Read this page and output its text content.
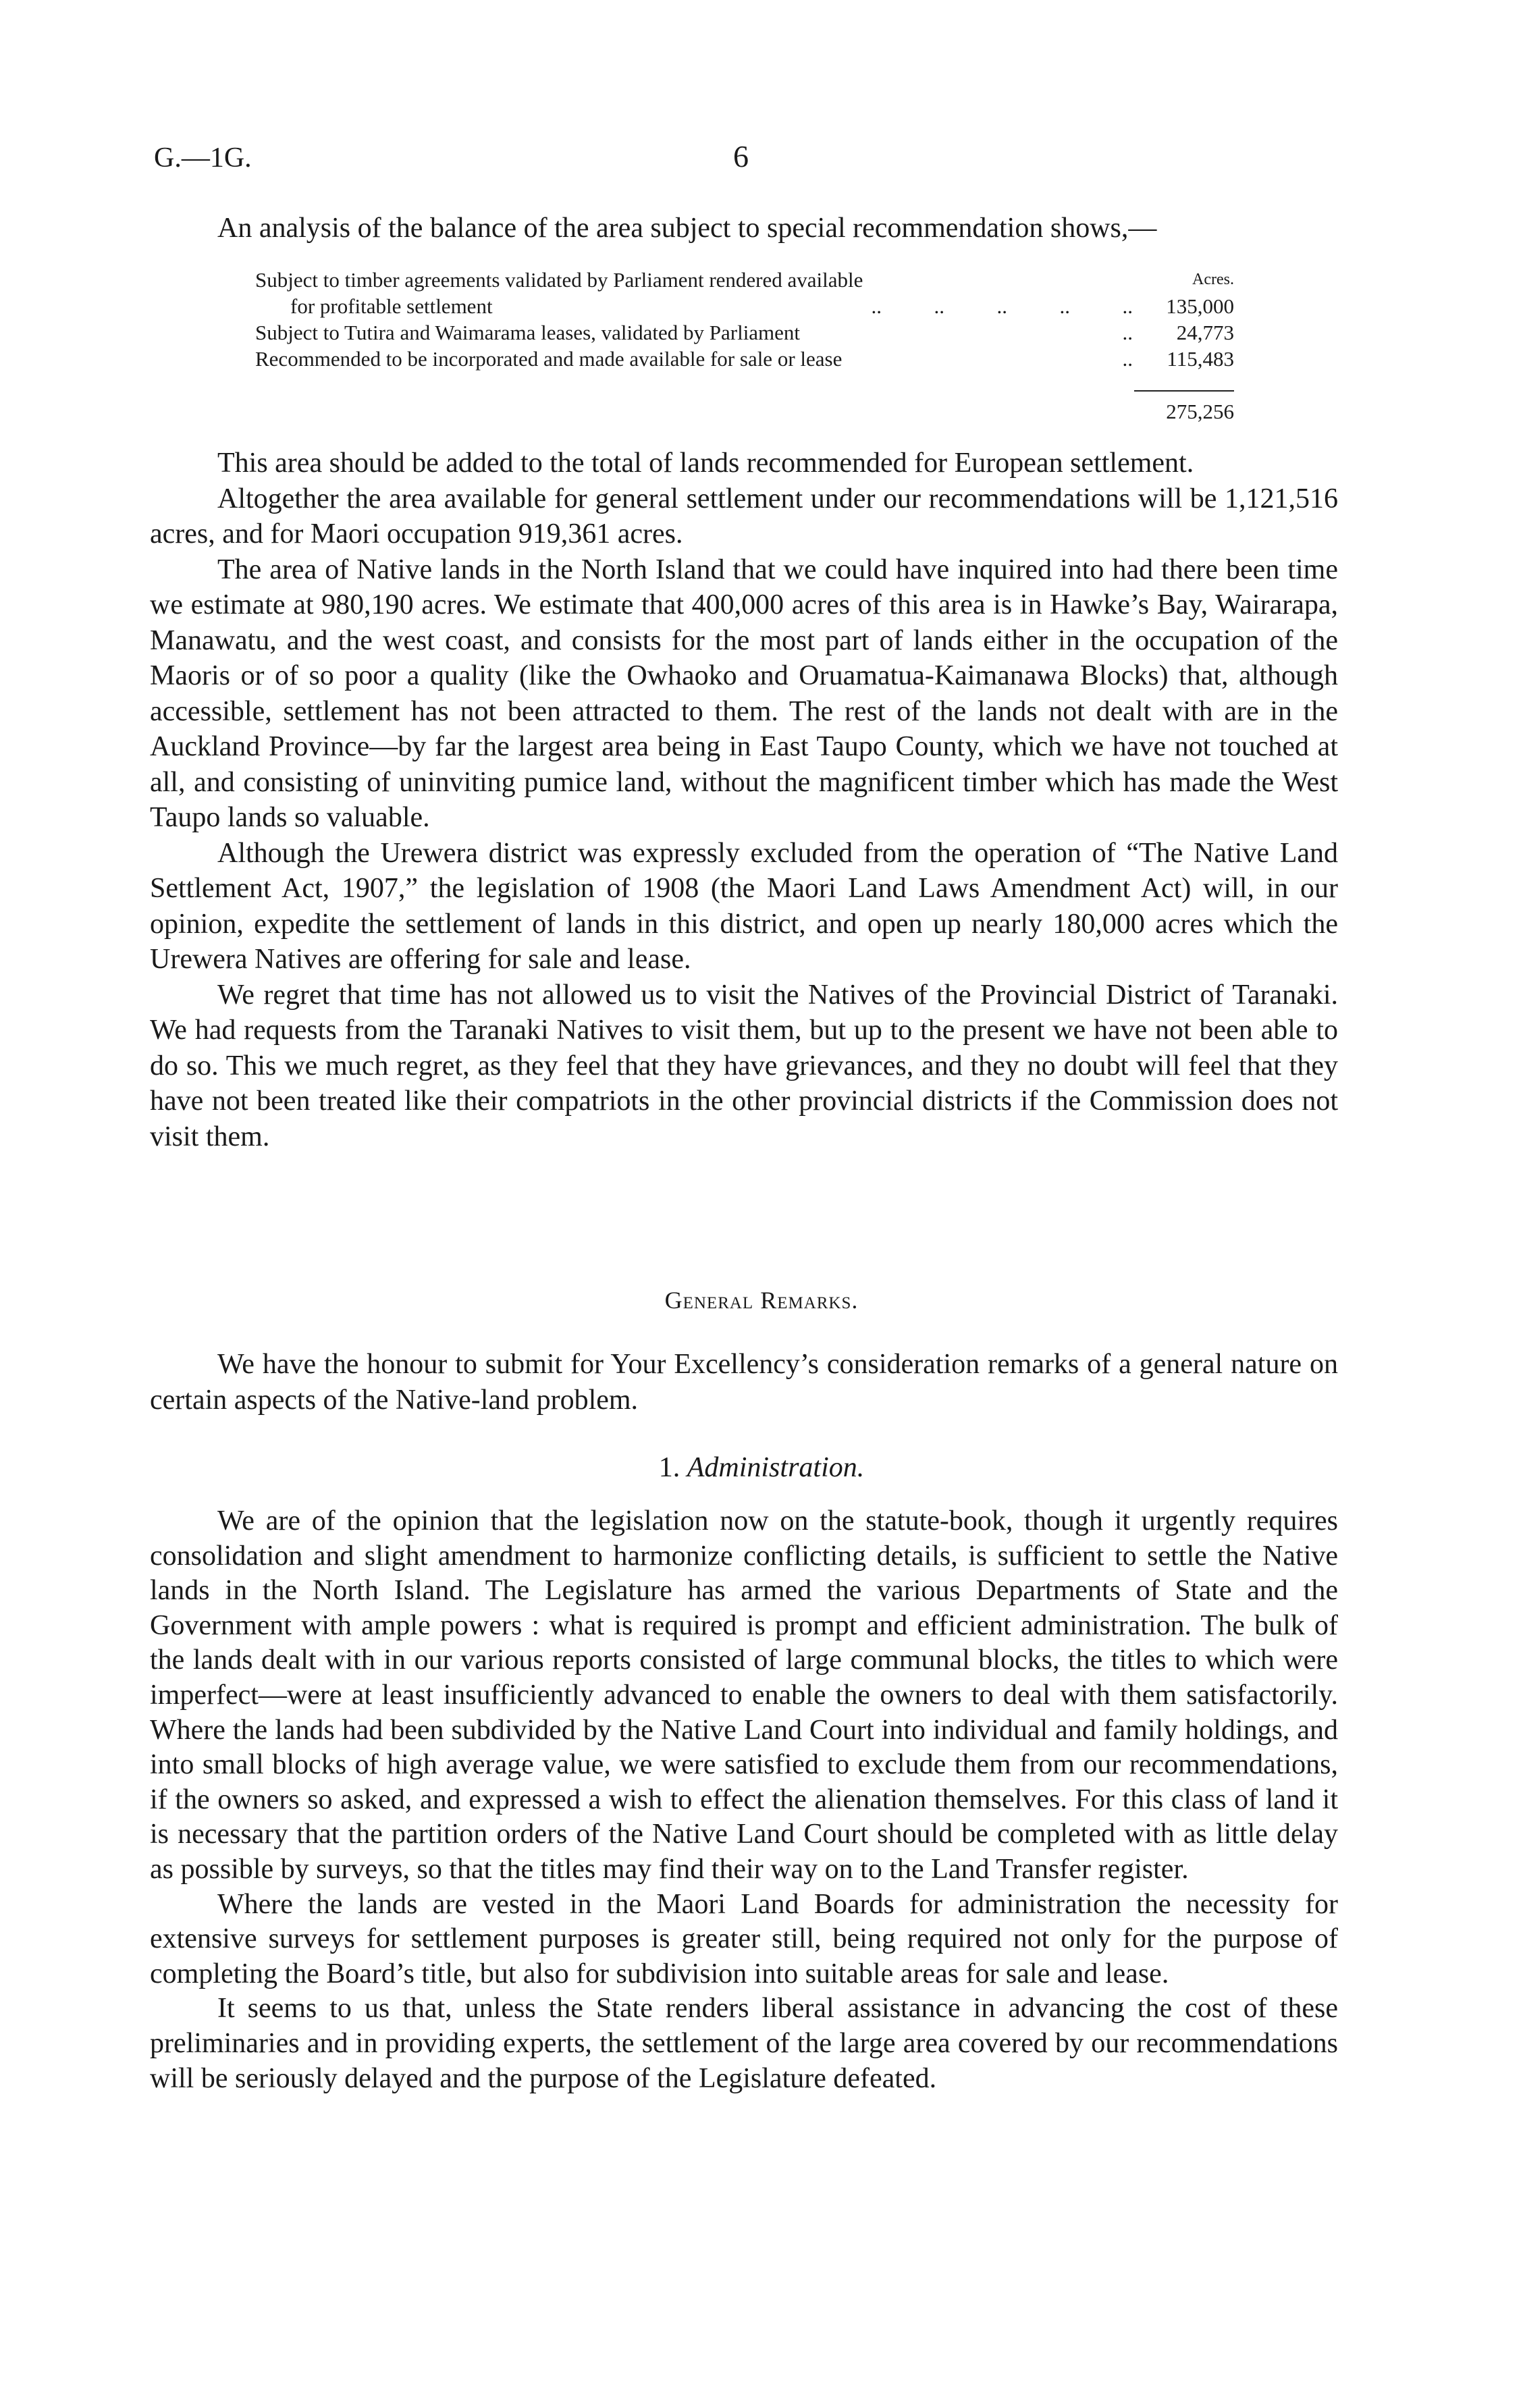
G.—1G.	6

An analysis of the balance of the area subject to special recommendation shows,—

Subject to timber agreements validated by Parliament rendered available	Acres.
for profitable settlement	..          ..          ..          ..          ..	135,000
Subject to Tutira and Waimarama leases, validated by Parliament	..	24,773
Recommended to be incorporated and made available for sale or lease	..	115,483
275,256

This area should be added to the total of lands recommended for European settlement.

Altogether the area available for general settlement under our recommendations will be 1,121,516 acres, and for Maori occupation 919,361 acres.

The area of Native lands in the North Island that we could have inquired into had there been time we estimate at 980,190 acres. We estimate that 400,000 acres of this area is in Hawke’s Bay, Wairarapa, Manawatu, and the west coast, and consists for the most part of lands either in the occupation of the Maoris or of so poor a quality (like the Owhaoko and Oruamatua-Kaimanawa Blocks) that, although accessible, settlement has not been attracted to them. The rest of the lands not dealt with are in the Auckland Province—by far the largest area being in East Taupo County, which we have not touched at all, and consisting of uninviting pumice land, without the magnificent timber which has made the West Taupo lands so valuable.

Although the Urewera district was expressly excluded from the operation of “The Native Land Settlement Act, 1907,” the legislation of 1908 (the Maori Land Laws Amendment Act) will, in our opinion, expedite the settlement of lands in this district, and open up nearly 180,000 acres which the Urewera Natives are offering for sale and lease.

We regret that time has not allowed us to visit the Natives of the Provincial District of Taranaki. We had requests from the Taranaki Natives to visit them, but up to the present we have not been able to do so. This we much regret, as they feel that they have grievances, and they no doubt will feel that they have not been treated like their compatriots in the other provincial districts if the Commission does not visit them.

General Remarks.

We have the honour to submit for Your Excellency’s consideration remarks of a general nature on certain aspects of the Native-land problem.

1. Administration.

We are of the opinion that the legislation now on the statute-book, though it urgently requires consolidation and slight amendment to harmonize conflicting details, is sufficient to settle the Native lands in the North Island. The Legislature has armed the various Departments of State and the Government with ample powers : what is required is prompt and efficient administration. The bulk of the lands dealt with in our various reports consisted of large communal blocks, the titles to which were imperfect—were at least insufficiently advanced to enable the owners to deal with them satisfactorily. Where the lands had been subdivided by the Native Land Court into individual and family holdings, and into small blocks of high average value, we were satisfied to exclude them from our recommendations, if the owners so asked, and expressed a wish to effect the alienation themselves. For this class of land it is necessary that the partition orders of the Native Land Court should be completed with as little delay as possible by surveys, so that the titles may find their way on to the Land Transfer register.

Where the lands are vested in the Maori Land Boards for administration the necessity for extensive surveys for settlement purposes is greater still, being required not only for the purpose of completing the Board’s title, but also for subdivision into suitable areas for sale and lease.

It seems to us that, unless the State renders liberal assistance in advancing the cost of these preliminaries and in providing experts, the settlement of the large area covered by our recommendations will be seriously delayed and the purpose of the Legislature defeated.
